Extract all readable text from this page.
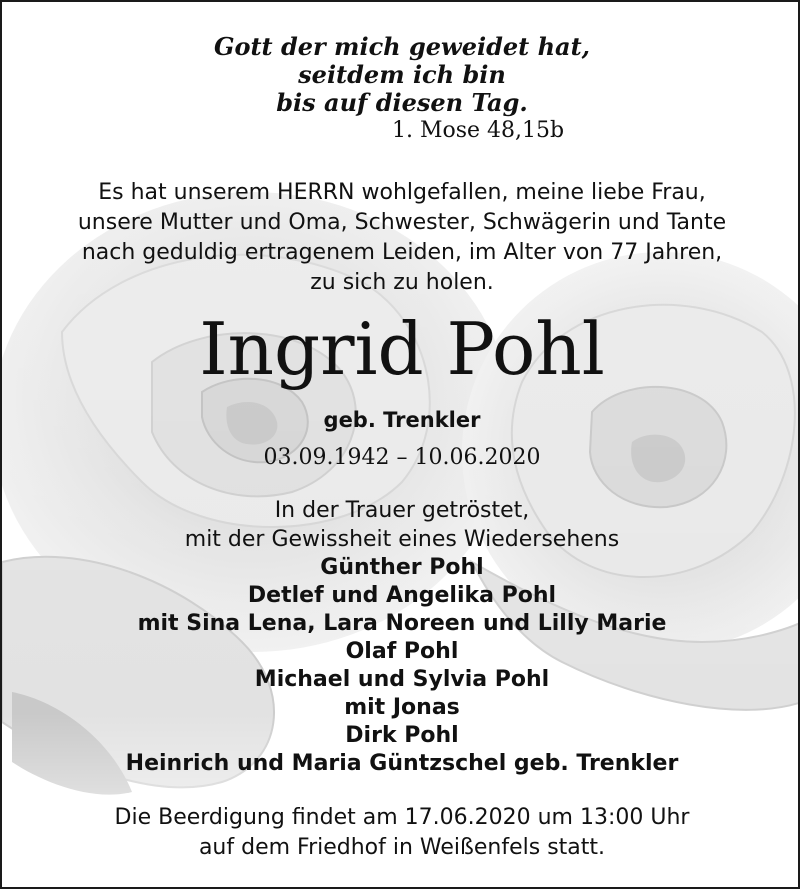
Gott der mich geweidet hat,
seitdem ich bin
bis auf diesen Tag.
1. Mose 48,15b
Es hat unserem HERRN wohlgefallen, meine liebe Frau,
unsere Mutter und Oma, Schwester, Schwägerin und Tante
nach geduldig ertragenem Leiden, im Alter von 77 Jahren,
zu sich zu holen.
Ingrid Pohl
geb. Trenkler
03.09.1942 – 10.06.2020
In der Trauer getröstet,
mit der Gewissheit eines Wiedersehens
Günther Pohl
Detlef und Angelika Pohl
mit Sina Lena, Lara Noreen und Lilly Marie
Olaf Pohl
Michael und Sylvia Pohl
mit Jonas
Dirk Pohl
Heinrich und Maria Güntzschel geb. Trenkler
Die Beerdigung findet am 17.06.2020 um 13:00 Uhr
auf dem Friedhof in Weißenfels statt.
